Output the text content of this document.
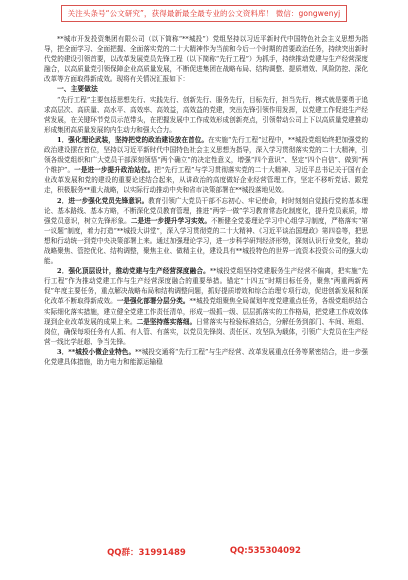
关注头条号“公文研究”，获得最新最全最专业的公文资料库！ 微信：gongwenyj

**城市开发投资集团有限公司（以下简称“**城投”）党组坚持以习近平新时代中国特色社会主义思想为指导，把全面学习、全面把握、全面落实党的二十大精神作为当前和今后一个时期的首要政治任务，持续突出新时代党的建设引领首要，以改革发展党员先锋工程（以下简称“先行工程”）为抓手，持续推动党建与生产经营深度融合，以高质量党引领保障企业高质量发展，不断促进集团在战略布局、结构调整、提质增效、风险防控、深化改革等方面取得新成效。现将有关情况汇报如下：

一、主要做法

“先行工程”主要包括思想先行、实践先行、创新先行、服务先行，目标先行，担当先行，模式就是要勇于追求高层次、高质量、高水平、高效率、高效益，高效益的党建，突出先锋引领作用发挥，以党建工作促进生产经营发展，在关键环节党员示范带头，在把握发展中工作成效形成创新亮点，引领带动公司上下以高质量党建推动形成集团高质量发展的内生动力和强大合力。

1．强化理论武装，坚持把党的政治建设放在首位。在实施“先行工程”过程中，**城投党组始终把加强党的政治建设摆在首位，坚持以习近平新时代中国特色社会主义思想为指导，深入学习贯彻落实党的二十大精神，引领各级党组织和广大党员干部深刻领悟“两个确立”的决定性意义，增强“四个意识”、坚定“四个自信”、做到“两个维护”。一是进一步提升政治站位。把“先行工程”与学习贯彻落实党的二十大精神、习近平总书记关于国有企业改革发展和党的建设的重要论述结合起来，从讲政治的高度做好企业经营管理工作，坚定不移听党话、跟党走，积极服务**重大战略，以实际行动推动中央和省市决策部署在**城投落地见效。

2．进一步强化党员先锋意识。教育引领广大党员干部不忘初心、牢记使命，时时刻刻自觉践行党的基本理论、基本路线、基本方略，不断深化党员教育管理，推进“两学一做”学习教育常态化制度化，提升党员素质，增强党员意识，树立先锋形象。二是进一步提升学习实效。不断健全党委理论学习中心组学习制度，严格落实“第一议题”制度，着力打造“**城投大讲堂”，深入学习贯彻党的二十大精神、《习近平谈治国理政》第四卷等，把思想和行动统一到党中央决策部署上来。通过加强理论学习，进一步科学研判经济形势，深刻认识行业变化，推动战略聚焦、管控优化、结构调整，聚焦主业、做精主业，建设具有**城投特色的世界一流资本投资公司的强大动能。

2．强化顶层设计，推动党建与生产经营深度融合。**城投党组坚持党建服务生产经营不偏离，把实施“先行工程”作为推动党建工作与生产经营深度融合的重要举措。锚定“十四五”时期目标任务，聚焦“两重两新两促”年度主要任务，重点解决战略布局和结构调整问题，抓好提质增效和综合治理专项行动，促进创新发展和深化改革不断取得新成效。一是强化部署分层分类。**城投党组聚焦全局谋划年度党建重点任务，各级党组织结合实际细化落实措施，建立健全党建工作责任清单，形成一级抓一级、层层抓落实的工作格局，把党建工作成效体现到企业改革发展的成果上来。二是坚持落实落细。日常落实与检验标准结合，分解任务到部门、车间、班组、岗位，确保每项任务有人抓、有人管、有落实，以党员先锋岗、责任区、攻坚队为载体，引领广大党员在生产经营一线比学赶超、争当先锋。

3．**城投小微企业特色。**城投交通将“先行工程”与生产经营、改革发展重点任务等紧密结合，进一步强化党建具体措施，助力电力和能源运输稳

QQ群：31991489	QQ:535304092
